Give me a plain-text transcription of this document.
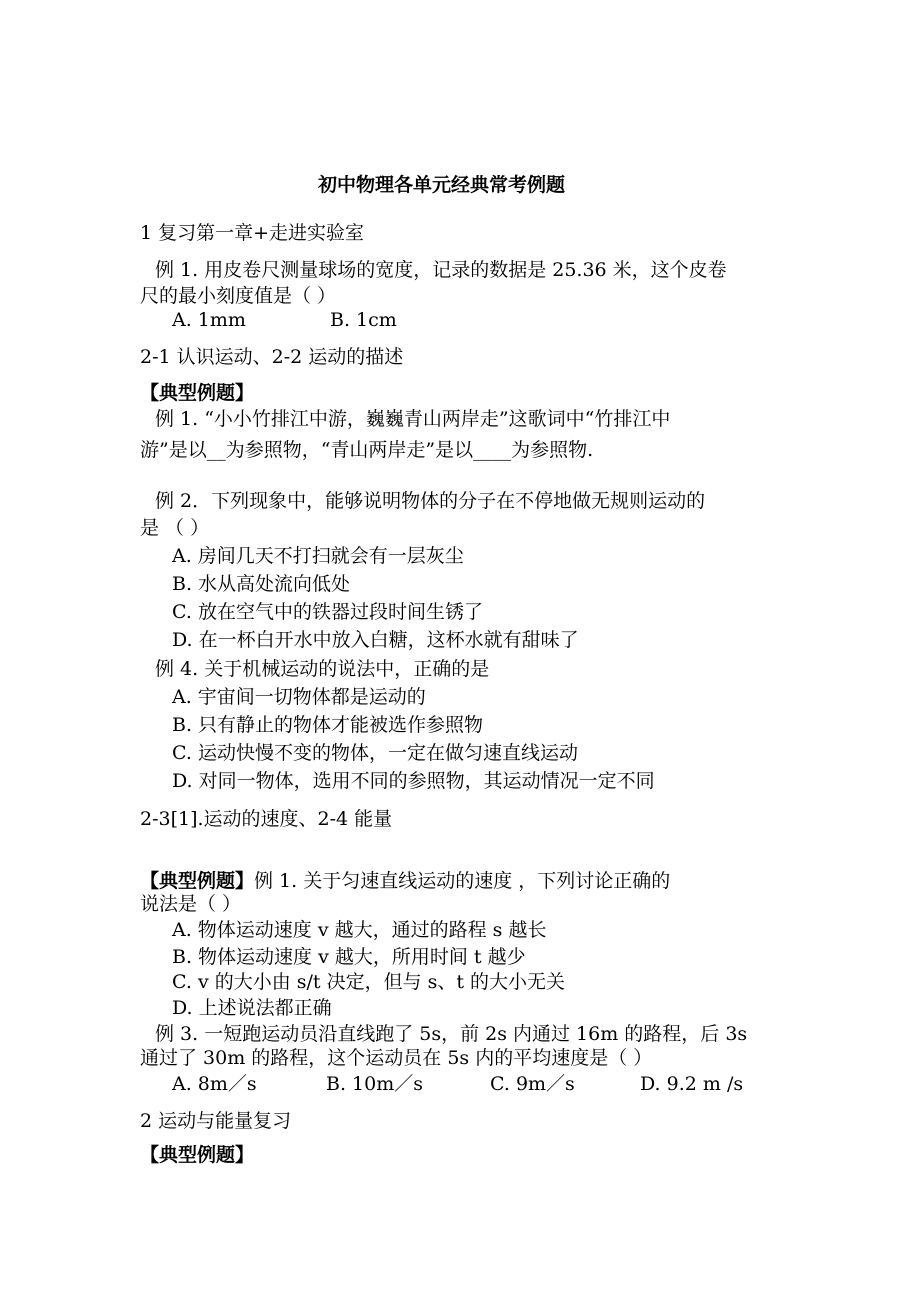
初中物理各单元经典常考例题
1 复习第一章+走进实验室
例 1. 用皮卷尺测量球场的宽度，记录的数据是 25.36 米，这个皮卷
尺的最小刻度值是（ ）
A. 1mm	B. 1cm
2-1 认识运动、2-2 运动的描述
【典型例题】
例 1. “小小竹排江中游，巍巍青山两岸走”这歌词中“竹排江中
游”是以__为参照物，“青山两岸走”是以____为参照物.
例 2．下列现象中，能够说明物体的分子在不停地做无规则运动的
是 （ ）
A. 房间几天不打扫就会有一层灰尘
B. 水从高处流向低处
C. 放在空气中的铁器过段时间生锈了
D. 在一杯白开水中放入白糖，这杯水就有甜味了
例 4. 关于机械运动的说法中，正确的是
A. 宇宙间一切物体都是运动的
B. 只有静止的物体才能被选作参照物
C. 运动快慢不变的物体，一定在做匀速直线运动
D. 对同一物体，选用不同的参照物，其运动情况一定不同
2-3[1].运动的速度、2-4 能量
【典型例题】例 1. 关于匀速直线运动的速度 ，下列讨论正确的
说法是（ ）
A. 物体运动速度 v 越大，通过的路程 s 越长
B. 物体运动速度 v 越大，所用时间 t 越少
C. v 的大小由 s/t 决定，但与 s、t 的大小无关
D. 上述说法都正确
例 3. 一短跑运动员沿直线跑了 5s，前 2s 内通过 16m 的路程，后 3s
通过了 30m 的路程，这个运动员在 5s 内的平均速度是（ ）
A. 8m／s	B. 10m／s	C. 9m／s	D. 9.2 m /s
2 运动与能量复习
【典型例题】
